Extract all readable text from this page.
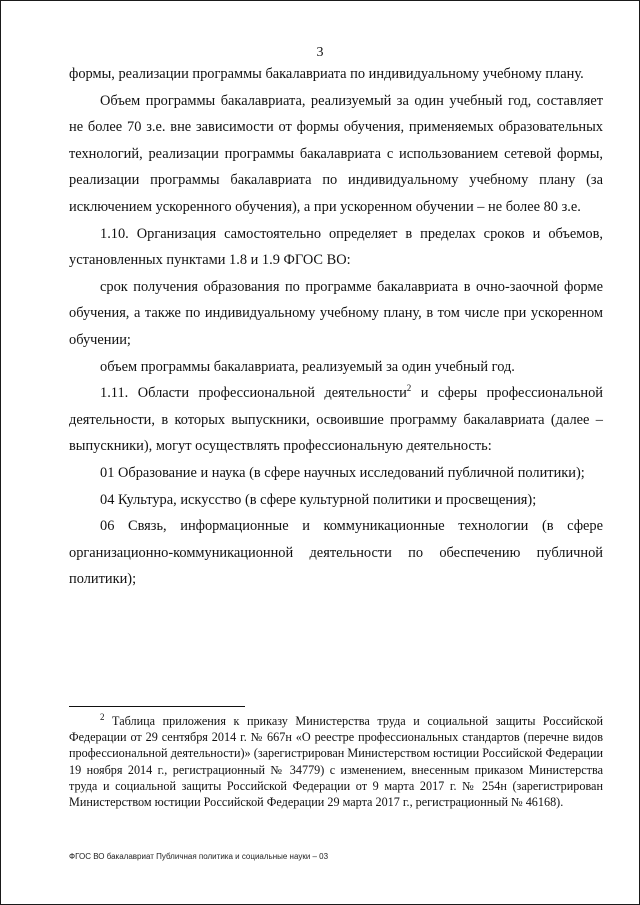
3

формы, реализации программы бакалавриата по индивидуальному учебному плану.

Объем программы бакалавриата, реализуемый за один учебный год, составляет не более 70 з.е. вне зависимости от формы обучения, применяемых образовательных технологий, реализации программы бакалавриата с использованием сетевой формы, реализации программы бакалавриата по индивидуальному учебному плану (за исключением ускоренного обучения), а при ускоренном обучении – не более 80 з.е.

1.10. Организация самостоятельно определяет в пределах сроков и объемов, установленных пунктами 1.8 и 1.9 ФГОС ВО:

срок получения образования по программе бакалавриата в очно-заочной форме обучения, а также по индивидуальному учебному плану, в том числе при ускоренном обучении;

объем программы бакалавриата, реализуемый за один учебный год.

1.11. Области профессиональной деятельности$^2$ и сферы профессиональной деятельности, в которых выпускники, освоившие программу бакалавриата (далее – выпускники), могут осуществлять профессиональную деятельность:

01 Образование и наука (в сфере научных исследований публичной политики);

04 Культура, искусство (в сфере культурной политики и просвещения);

06 Связь, информационные и коммуникационные технологии (в сфере организационно-коммуникационной деятельности по обеспечению публичной политики);

$^2$ Таблица приложения к приказу Министерства труда и социальной защиты Российской Федерации от 29 сентября 2014 г. № 667н «О реестре профессиональных стандартов (перечне видов профессиональной деятельности)» (зарегистрирован Министерством юстиции Российской Федерации 19 ноября 2014 г., регистрационный № 34779) с изменением, внесенным приказом Министерства труда и социальной защиты Российской Федерации от 9 марта 2017 г. № 254н (зарегистрирован Министерством юстиции Российской Федерации 29 марта 2017 г., регистрационный № 46168).

ФГОС ВО бакалавриат Публичная политика и социальные науки – 03
